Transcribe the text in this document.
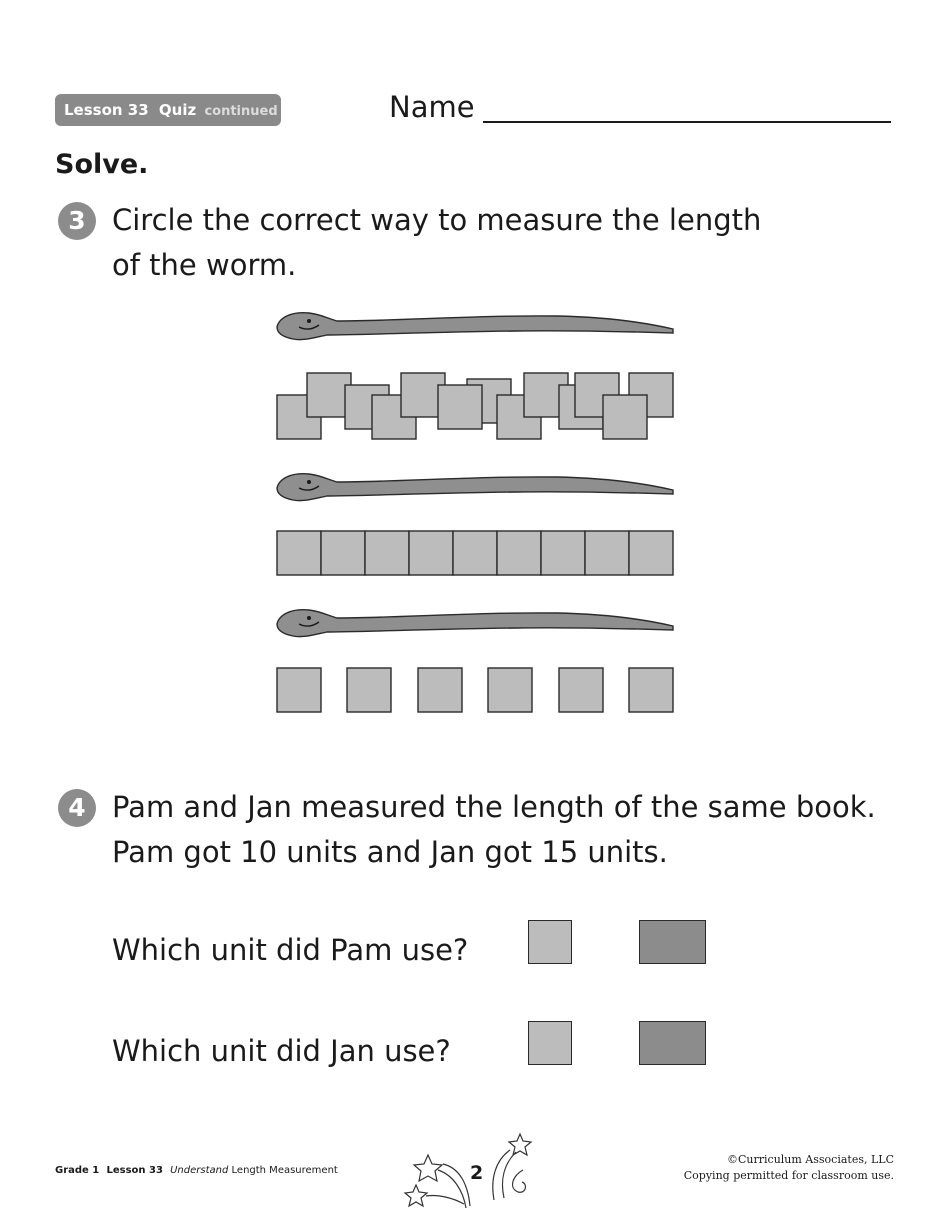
Lesson 33 Quiz continued	Name
Solve.
3 Circle the correct way to measure the length
of the worm.
4 Pam and Jan measured the length of the same book.
Pam got 10 units and Jan got 15 units.
Which unit did Pam use?
Which unit did Jan use?
Grade 1 Lesson 33 Understand Length Measurement	2
©Curriculum Associates, LLC
Copying permitted for classroom use.
